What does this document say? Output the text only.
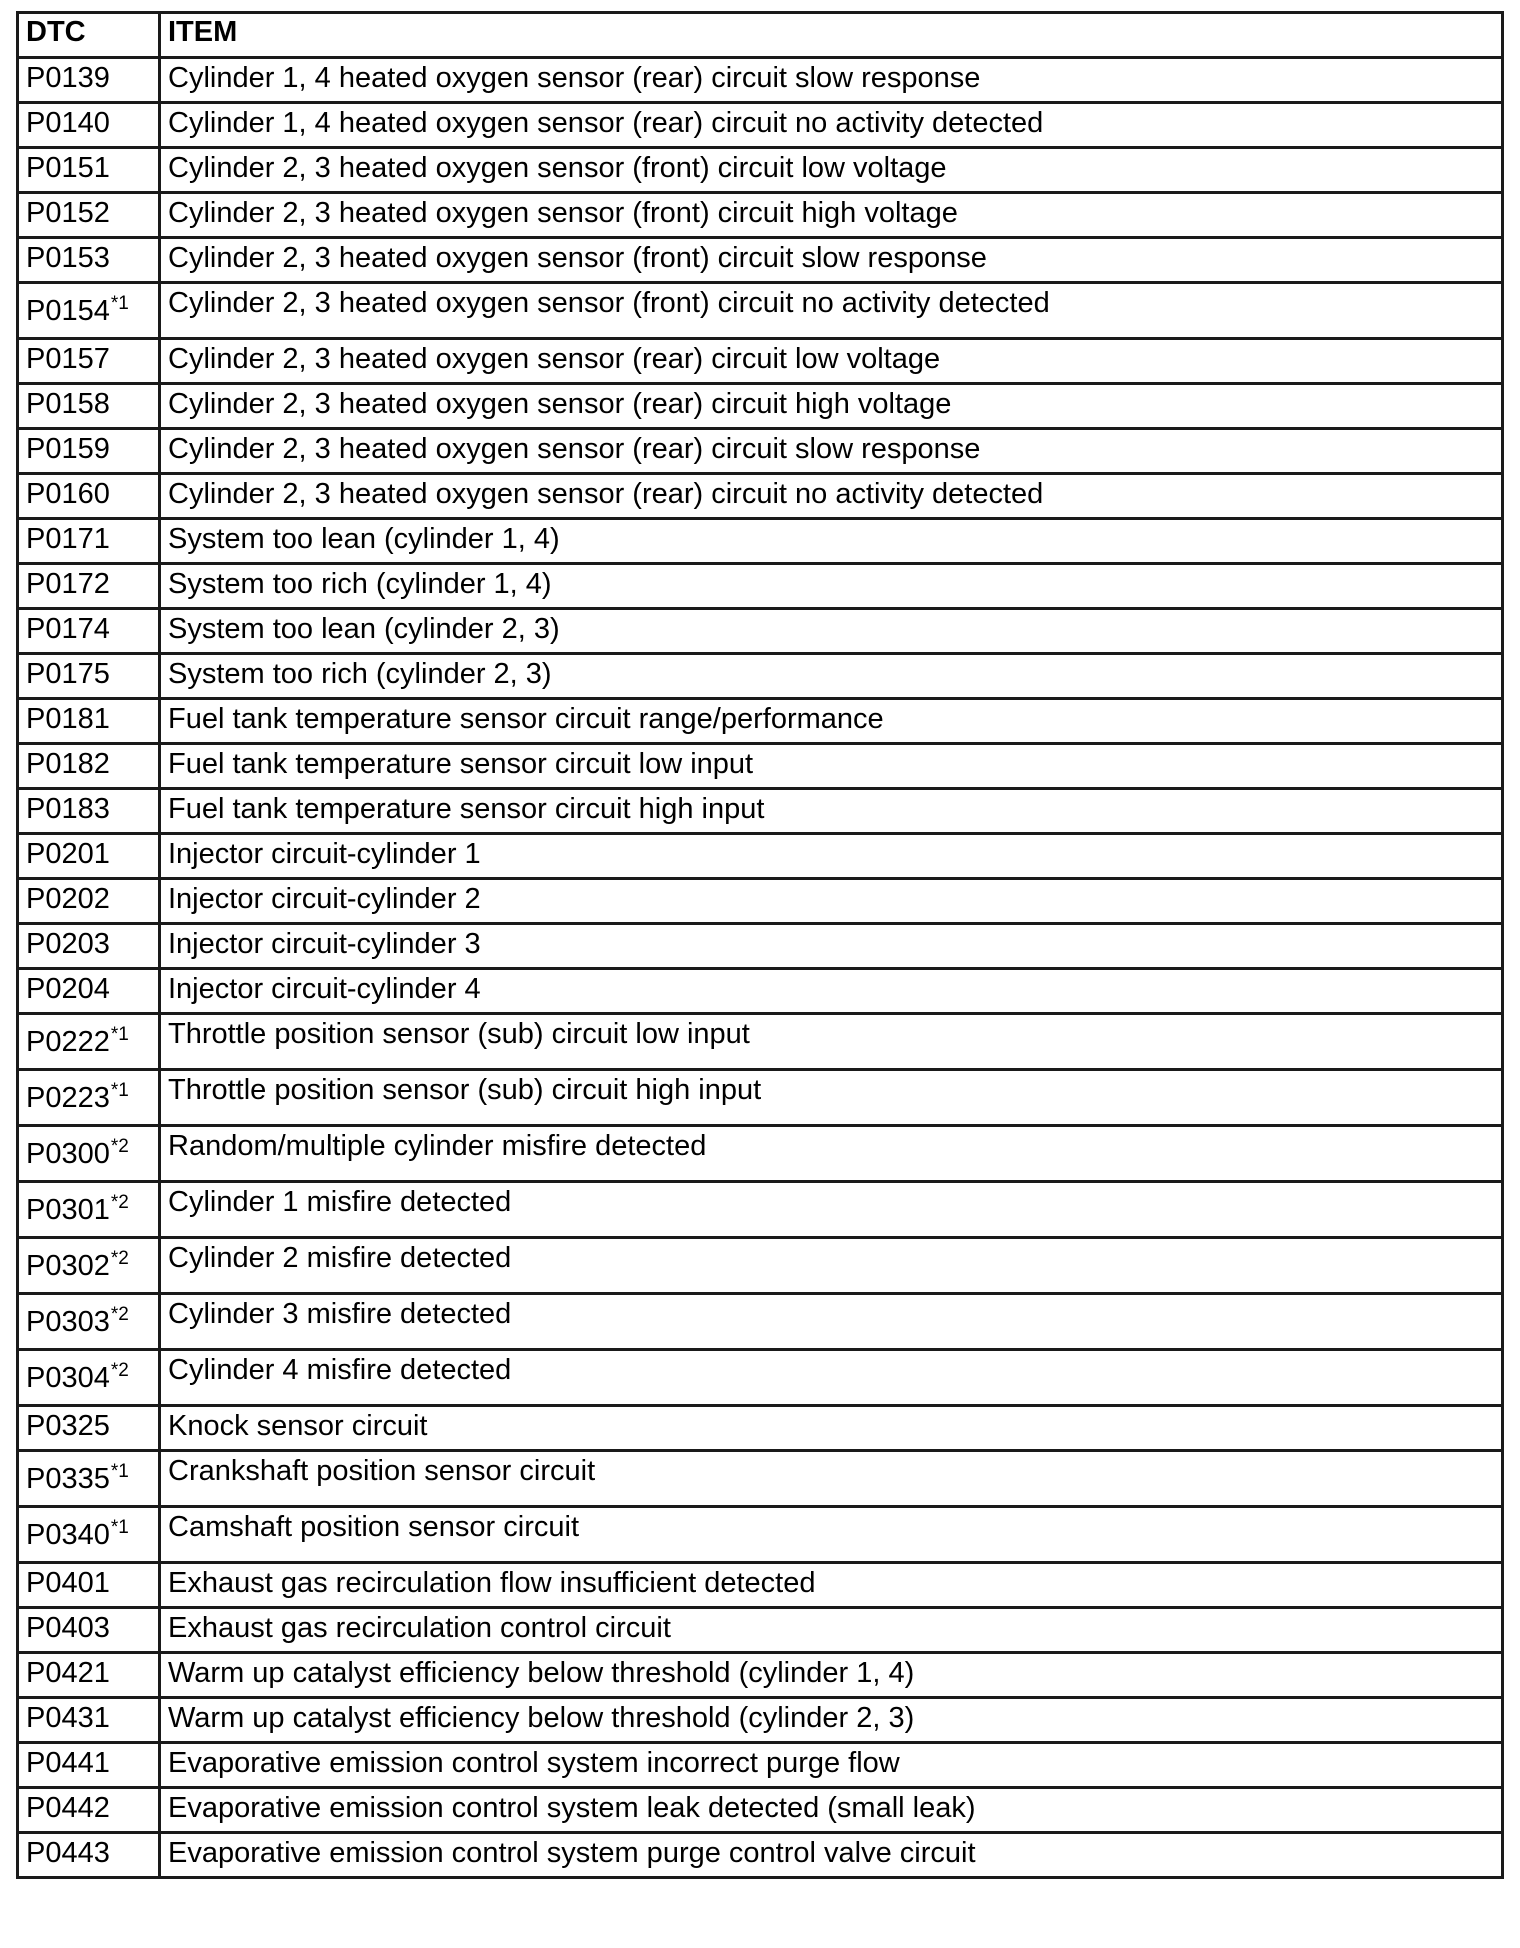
DTC	ITEM
P0139	Cylinder 1, 4 heated oxygen sensor (rear) circuit slow response
P0140	Cylinder 1, 4 heated oxygen sensor (rear) circuit no activity detected
P0151	Cylinder 2, 3 heated oxygen sensor (front) circuit low voltage
P0152	Cylinder 2, 3 heated oxygen sensor (front) circuit high voltage
P0153	Cylinder 2, 3 heated oxygen sensor (front) circuit slow response
P0154$^{*1}$	Cylinder 2, 3 heated oxygen sensor (front) circuit no activity detected
P0157	Cylinder 2, 3 heated oxygen sensor (rear) circuit low voltage
P0158	Cylinder 2, 3 heated oxygen sensor (rear) circuit high voltage
P0159	Cylinder 2, 3 heated oxygen sensor (rear) circuit slow response
P0160	Cylinder 2, 3 heated oxygen sensor (rear) circuit no activity detected
P0171	System too lean (cylinder 1, 4)
P0172	System too rich (cylinder 1, 4)
P0174	System too lean (cylinder 2, 3)
P0175	System too rich (cylinder 2, 3)
P0181	Fuel tank temperature sensor circuit range/performance
P0182	Fuel tank temperature sensor circuit low input
P0183	Fuel tank temperature sensor circuit high input
P0201	Injector circuit-cylinder 1
P0202	Injector circuit-cylinder 2
P0203	Injector circuit-cylinder 3
P0204	Injector circuit-cylinder 4
P0222$^{*1}$	Throttle position sensor (sub) circuit low input
P0223$^{*1}$	Throttle position sensor (sub) circuit high input
P0300$^{*2}$	Random/multiple cylinder misfire detected
P0301$^{*2}$	Cylinder 1 misfire detected
P0302$^{*2}$	Cylinder 2 misfire detected
P0303$^{*2}$	Cylinder 3 misfire detected
P0304$^{*2}$	Cylinder 4 misfire detected
P0325	Knock sensor circuit
P0335$^{*1}$	Crankshaft position sensor circuit
P0340$^{*1}$	Camshaft position sensor circuit
P0401	Exhaust gas recirculation flow insufficient detected
P0403	Exhaust gas recirculation control circuit
P0421	Warm up catalyst efficiency below threshold (cylinder 1, 4)
P0431	Warm up catalyst efficiency below threshold (cylinder 2, 3)
P0441	Evaporative emission control system incorrect purge flow
P0442	Evaporative emission control system leak detected (small leak)
P0443	Evaporative emission control system purge control valve circuit
